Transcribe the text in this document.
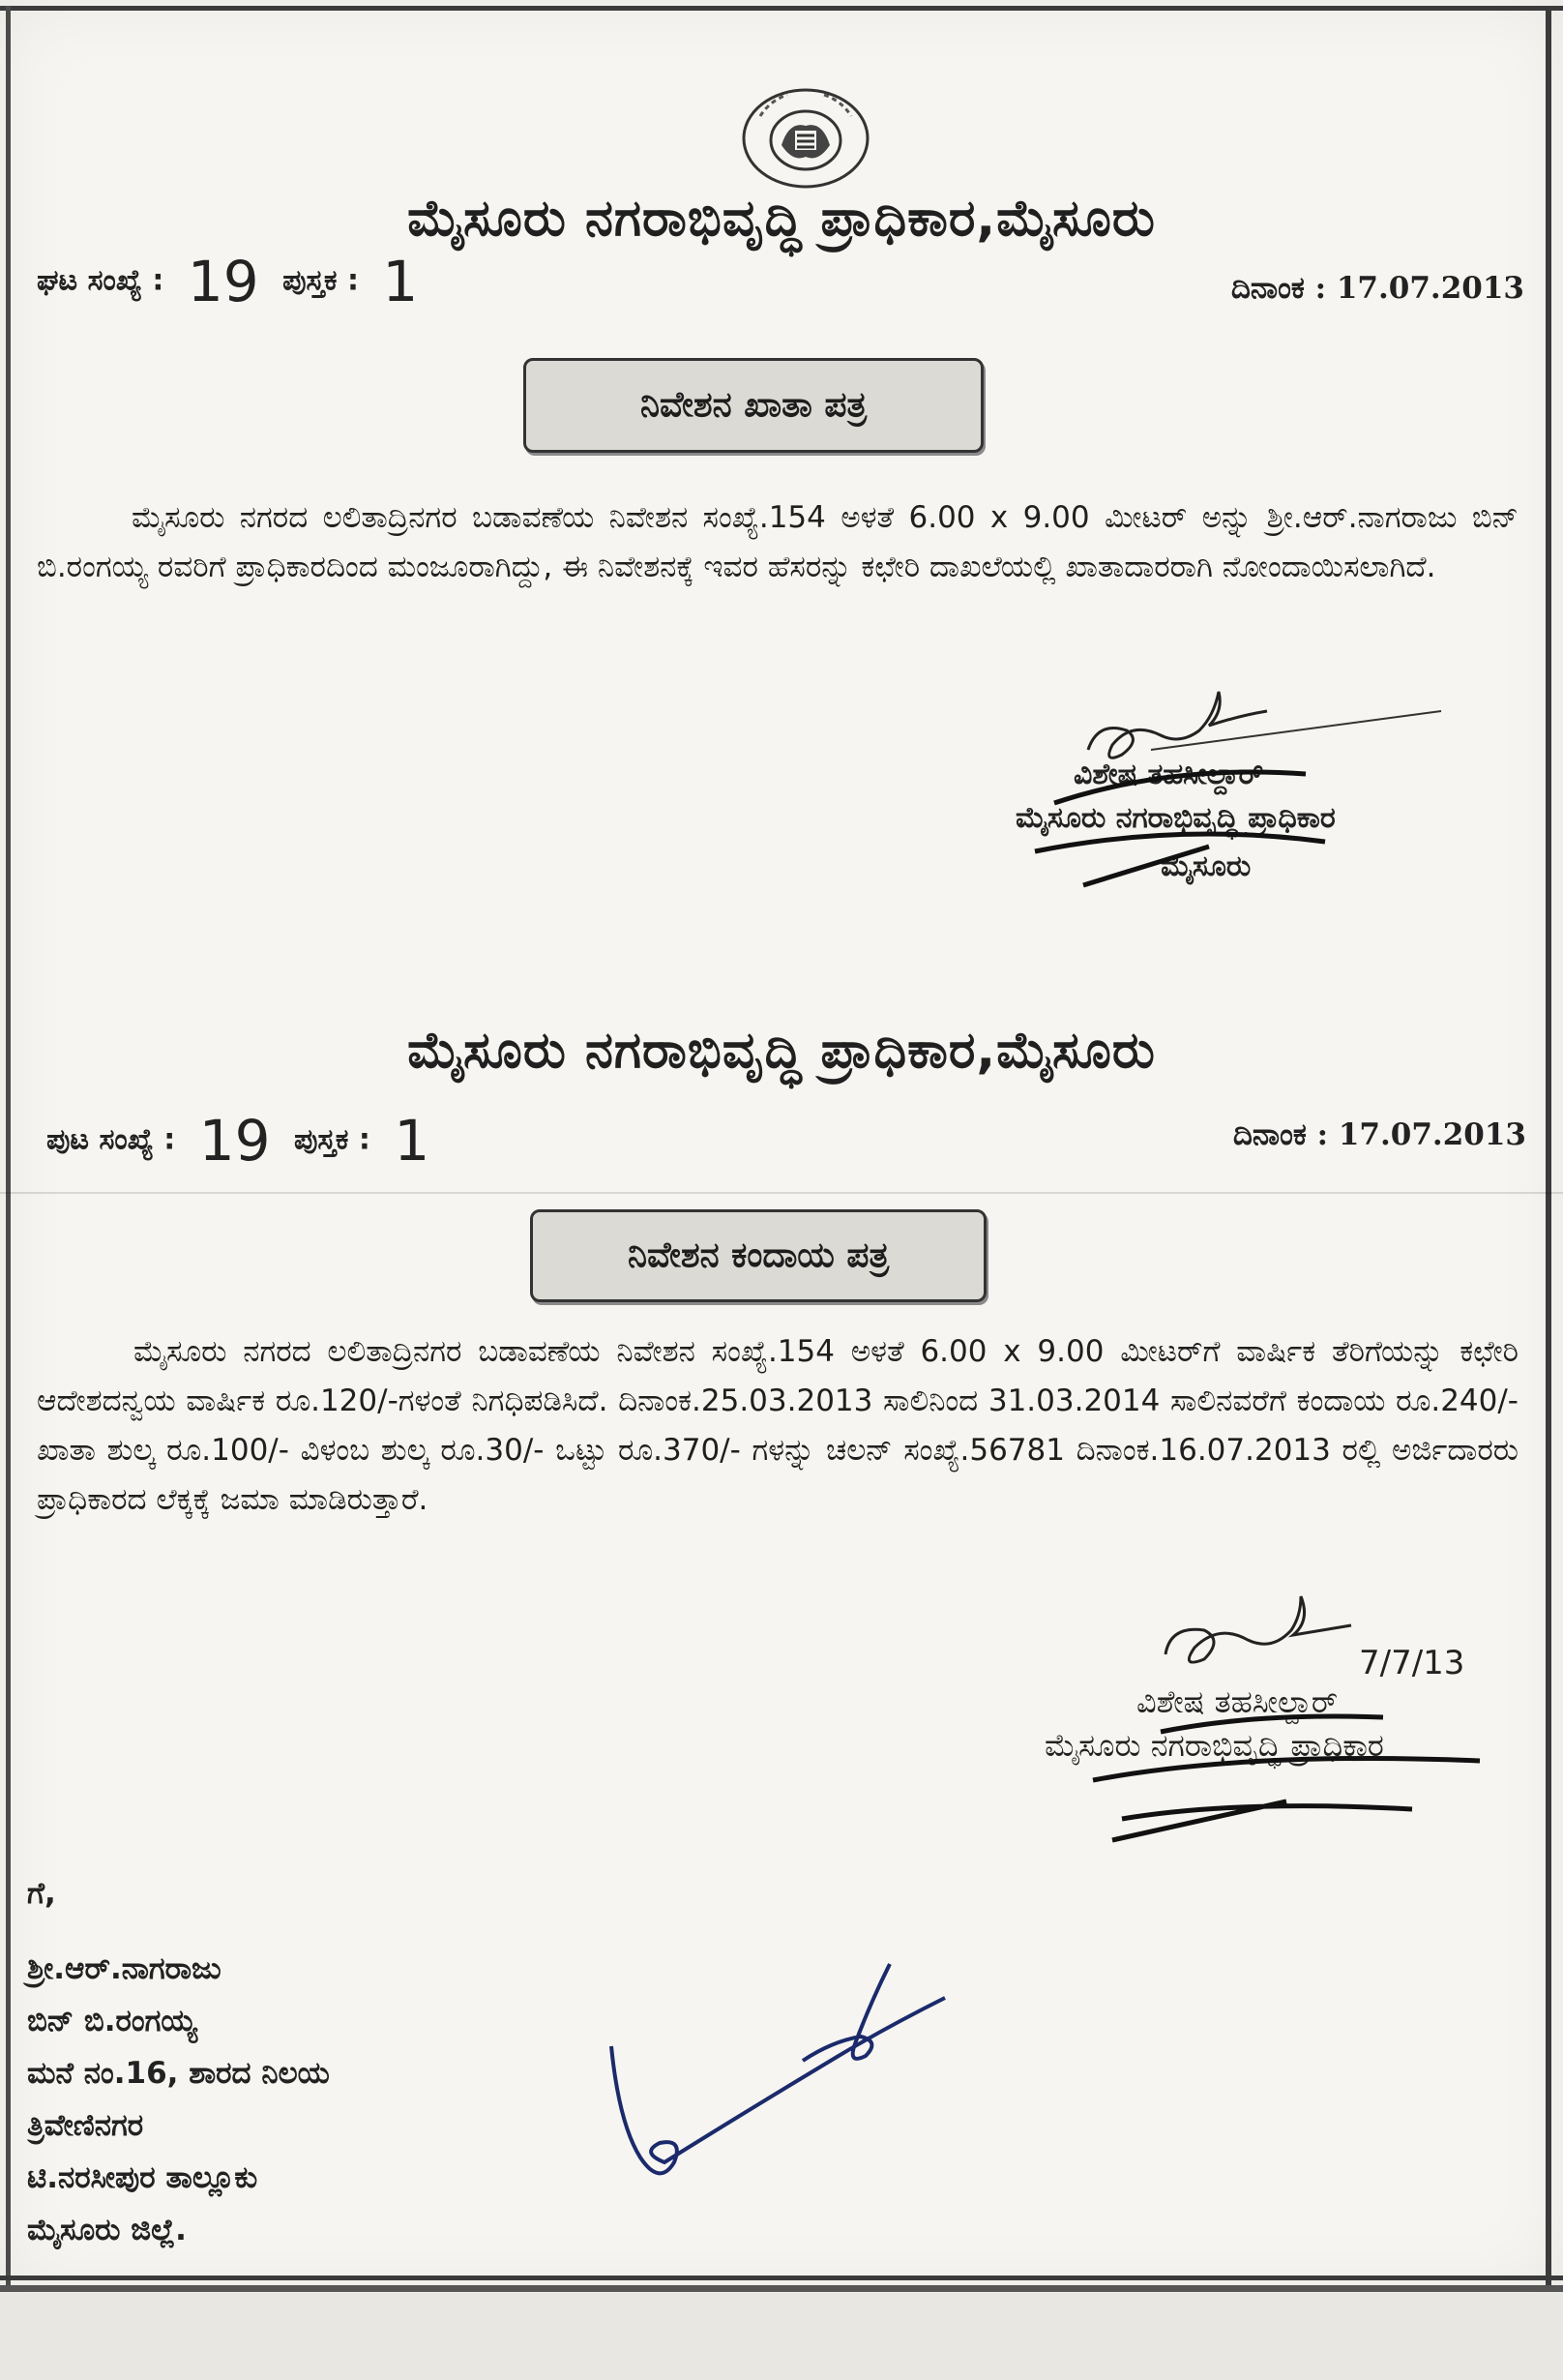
ಮೈಸೂರು ನಗರಾಭಿವೃದ್ಧಿ ಪ್ರಾಧಿಕಾರ,ಮೈಸೂರು
ಘಟ ಸಂಖ್ಯೆ : 19 ಪುಸ್ತಕ : 1	ದಿನಾಂಕ : 17.07.2013
ನಿವೇಶನ ಖಾತಾ ಪತ್ರ
ಮೈಸೂರು ನಗರದ ಲಲಿತಾದ್ರಿನಗರ ಬಡಾವಣೆಯ ನಿವೇಶನ ಸಂಖ್ಯೆ.154 ಅಳತೆ 6.00 x 9.00 ಮೀಟರ್ ಅನ್ನು ಶ್ರೀ.ಆರ್.ನಾಗರಾಜು ಬಿನ್ ಬಿ.ರಂಗಯ್ಯ ರವರಿಗೆ ಪ್ರಾಧಿಕಾರದಿಂದ ಮಂಜೂರಾಗಿದ್ದು, ಈ ನಿವೇಶನಕ್ಕೆ ಇವರ ಹೆಸರನ್ನು ಕಛೇರಿ ದಾಖಲೆಯಲ್ಲಿ ಖಾತಾದಾರರಾಗಿ ನೋಂದಾಯಿಸಲಾಗಿದೆ.
ವಿಶೇಷ ತಹಸೀಲ್ದಾರ್
ಮೈಸೂರು ನಗರಾಭಿವೃದ್ಧಿ ಪ್ರಾಧಿಕಾರ
ಮೈಸೂರು
ಮೈಸೂರು ನಗರಾಭಿವೃದ್ಧಿ ಪ್ರಾಧಿಕಾರ,ಮೈಸೂರು
ಪುಟ ಸಂಖ್ಯೆ : 19 ಪುಸ್ತಕ : 1	ದಿನಾಂಕ : 17.07.2013
ನಿವೇಶನ ಕಂದಾಯ ಪತ್ರ
ಮೈಸೂರು ನಗರದ ಲಲಿತಾದ್ರಿನಗರ ಬಡಾವಣೆಯ ನಿವೇಶನ ಸಂಖ್ಯೆ.154 ಅಳತೆ 6.00 x 9.00 ಮೀಟರ್‌ಗೆ ವಾರ್ಷಿಕ ತೆರಿಗೆಯನ್ನು ಕಛೇರಿ ಆದೇಶದನ್ವಯ ವಾರ್ಷಿಕ ರೂ.120/-ಗಳಂತೆ ನಿಗಧಿಪಡಿಸಿದೆ. ದಿನಾಂಕ.25.03.2013 ಸಾಲಿನಿಂದ 31.03.2014 ಸಾಲಿನವರೆಗೆ ಕಂದಾಯ ರೂ.240/- ಖಾತಾ ಶುಲ್ಕ ರೂ.100/- ವಿಳಂಬ ಶುಲ್ಕ ರೂ.30/- ಒಟ್ಟು ರೂ.370/- ಗಳನ್ನು ಚಲನ್ ಸಂಖ್ಯೆ.56781 ದಿನಾಂಕ.16.07.2013 ರಲ್ಲಿ ಅರ್ಜಿದಾರರು ಪ್ರಾಧಿಕಾರದ ಲೆಕ್ಕಕ್ಕೆ ಜಮಾ ಮಾಡಿರುತ್ತಾರೆ.
7/7/13
ವಿಶೇಷ ತಹಸೀಲ್ದಾರ್
ಮೈಸೂರು ನಗರಾಭಿವೃದ್ಧಿ ಪ್ರಾಧಿಕಾರ
ಗೆ,
ಶ್ರೀ.ಆರ್.ನಾಗರಾಜು
ಬಿನ್ ಬಿ.ರಂಗಯ್ಯ
ಮನೆ ನಂ.16, ಶಾರದ ನಿಲಯ
ತ್ರಿವೇಣಿನಗರ
ಟಿ.ನರಸೀಪುರ ತಾಲ್ಲೂಕು
ಮೈಸೂರು ಜಿಲ್ಲೆ.
